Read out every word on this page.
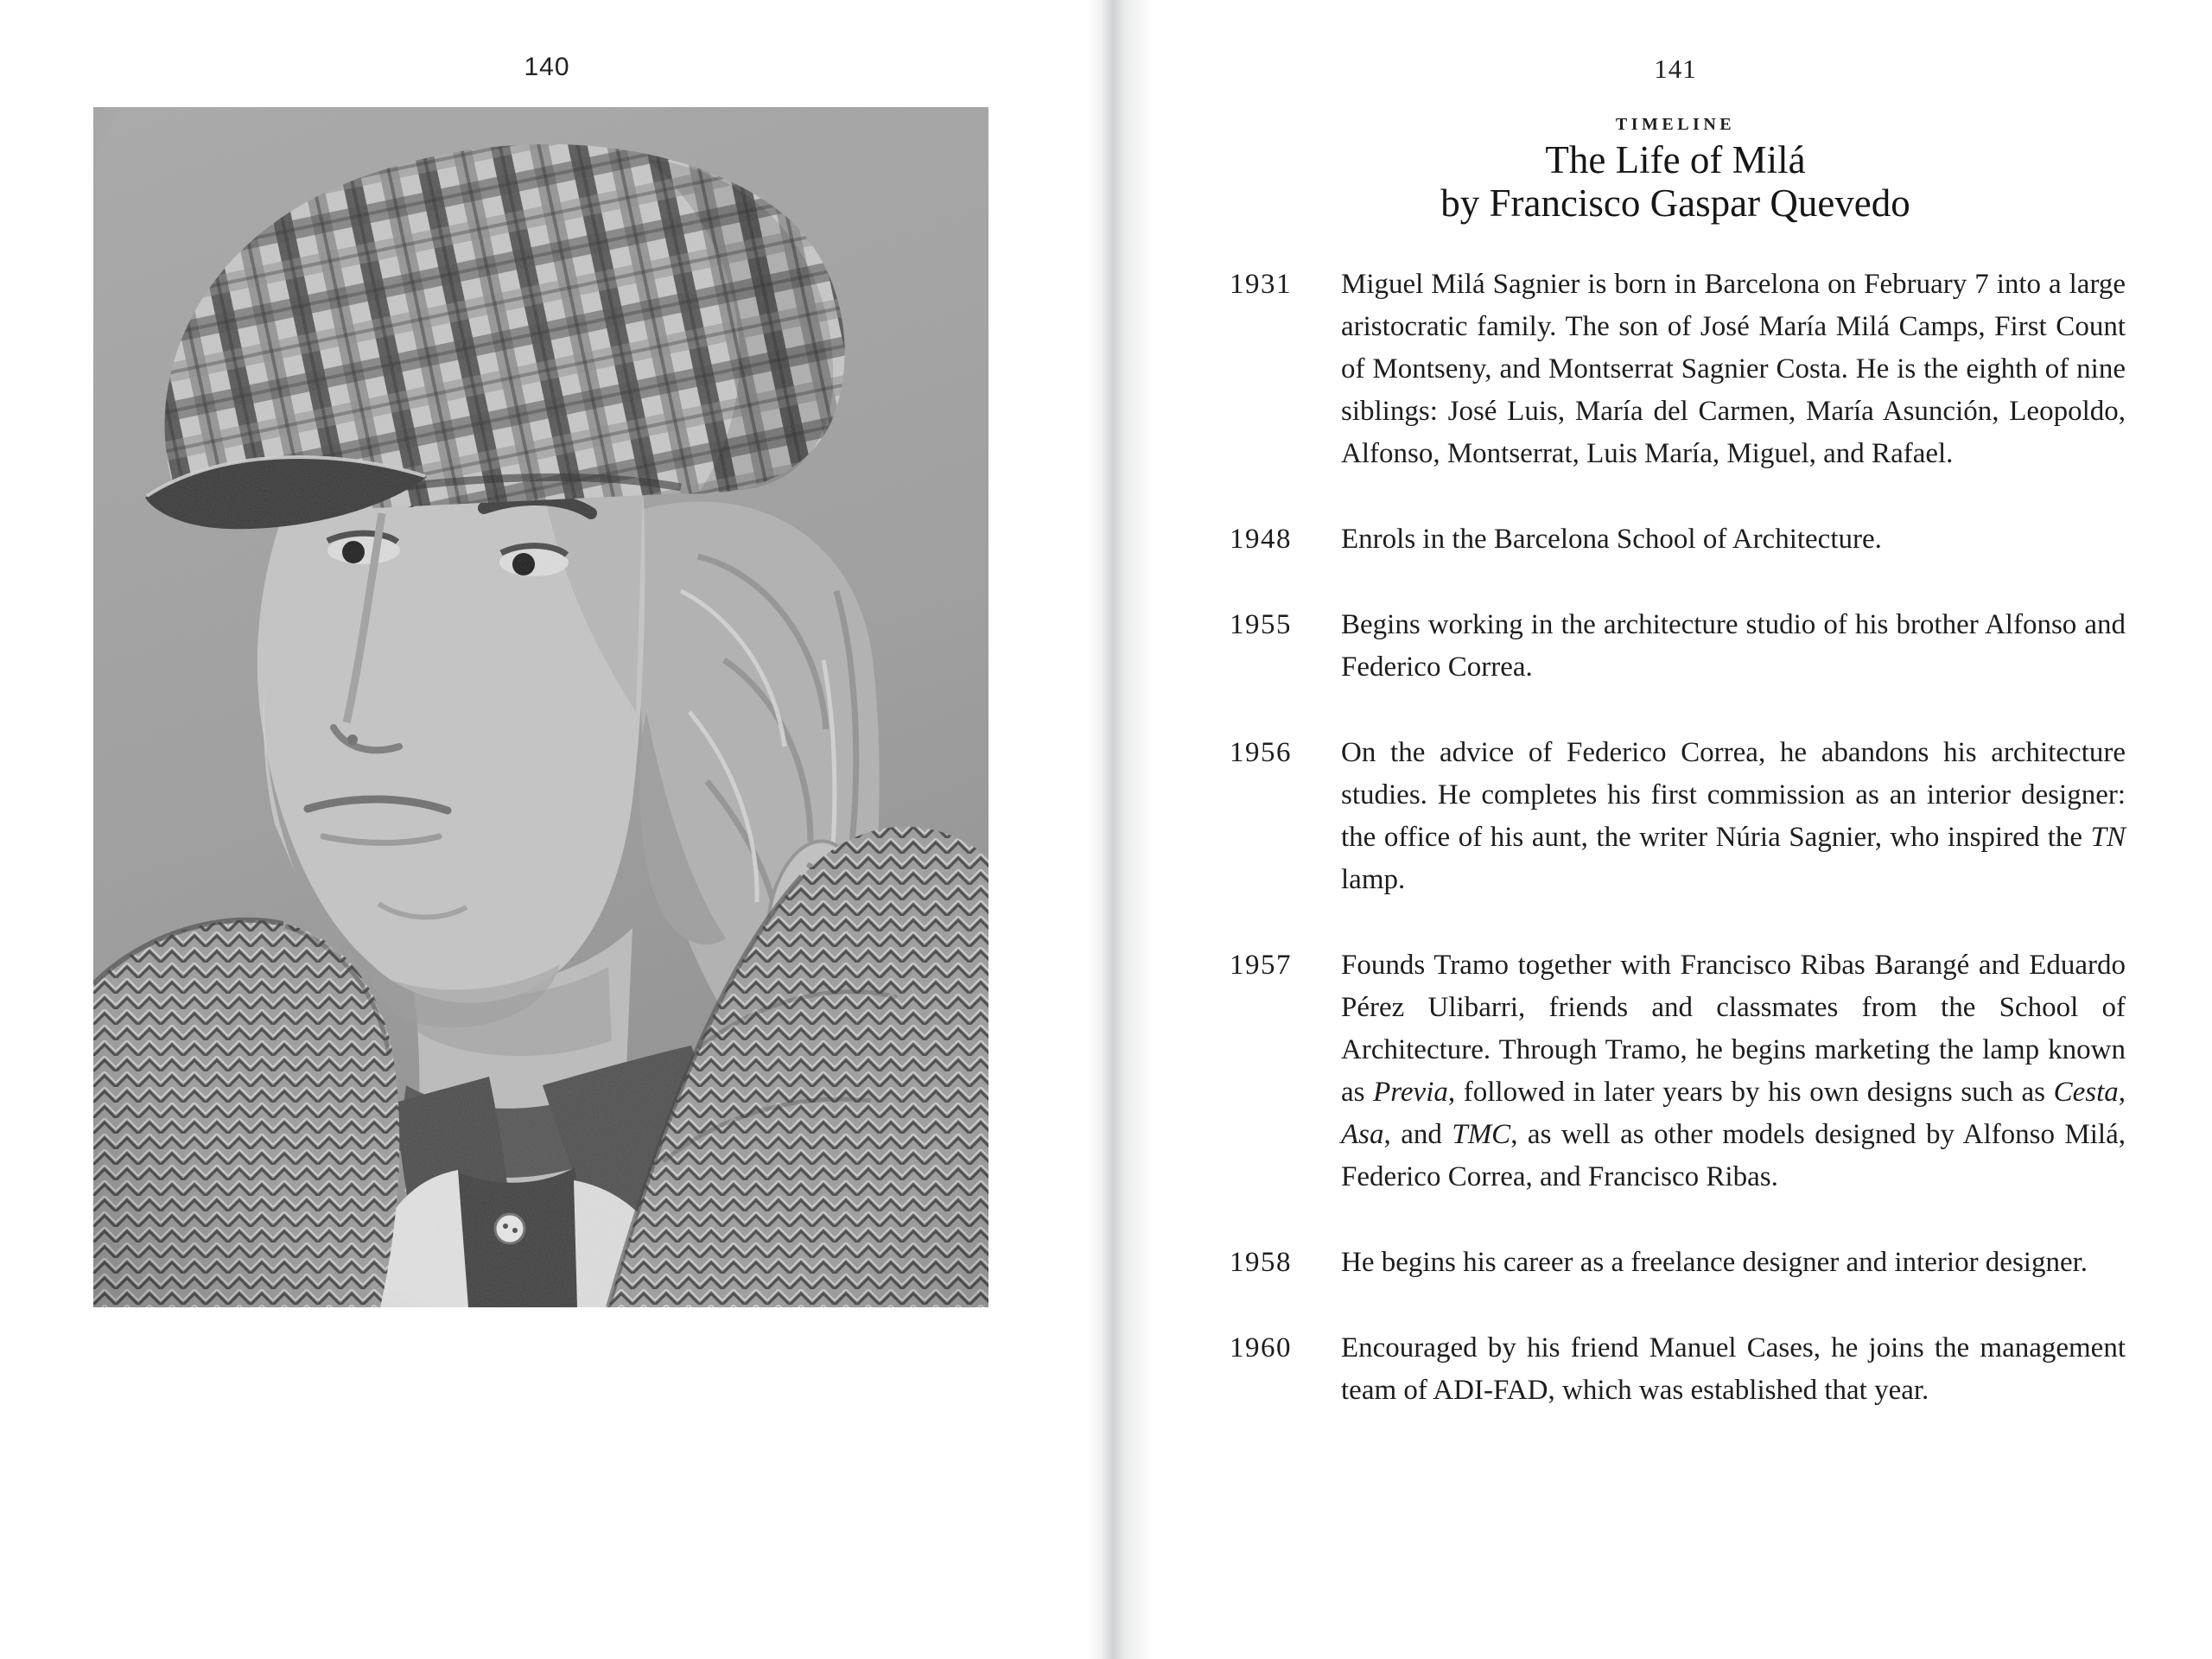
140	141
TIMELINE
The Life of Milá
by Francisco Gaspar Quevedo
1931	Miguel Milá Sagnier is born in Barcelona on February 7 into a large aristocratic family. The son of José María Milá Camps, First Count of Montseny, and Montserrat Sagnier Costa. He is the eighth of nine siblings: José Luis, María del Carmen, María Asunción, Leopoldo, Alfonso, Montserrat, Luis María, Miguel, and Rafael.
1948	Enrols in the Barcelona School of Architecture.
1955	Begins working in the architecture studio of his brother Alfonso and Federico Correa.
1956	On the advice of Federico Correa, he abandons his architecture studies. He completes his first commission as an interior designer: the office of his aunt, the writer Núria Sagnier, who inspired the TN lamp.
1957	Founds Tramo together with Francisco Ribas Barangé and Eduardo Pérez Ulibarri, friends and classmates from the School of Architecture. Through Tramo, he begins marketing the lamp known as Previa, followed in later years by his own designs such as Cesta, Asa, and TMC, as well as other models designed by Alfonso Milá, Federico Correa, and Francisco Ribas.
1958	He begins his career as a freelance designer and interior designer.
1960	Encouraged by his friend Manuel Cases, he joins the management team of ADI-FAD, which was established that year.
